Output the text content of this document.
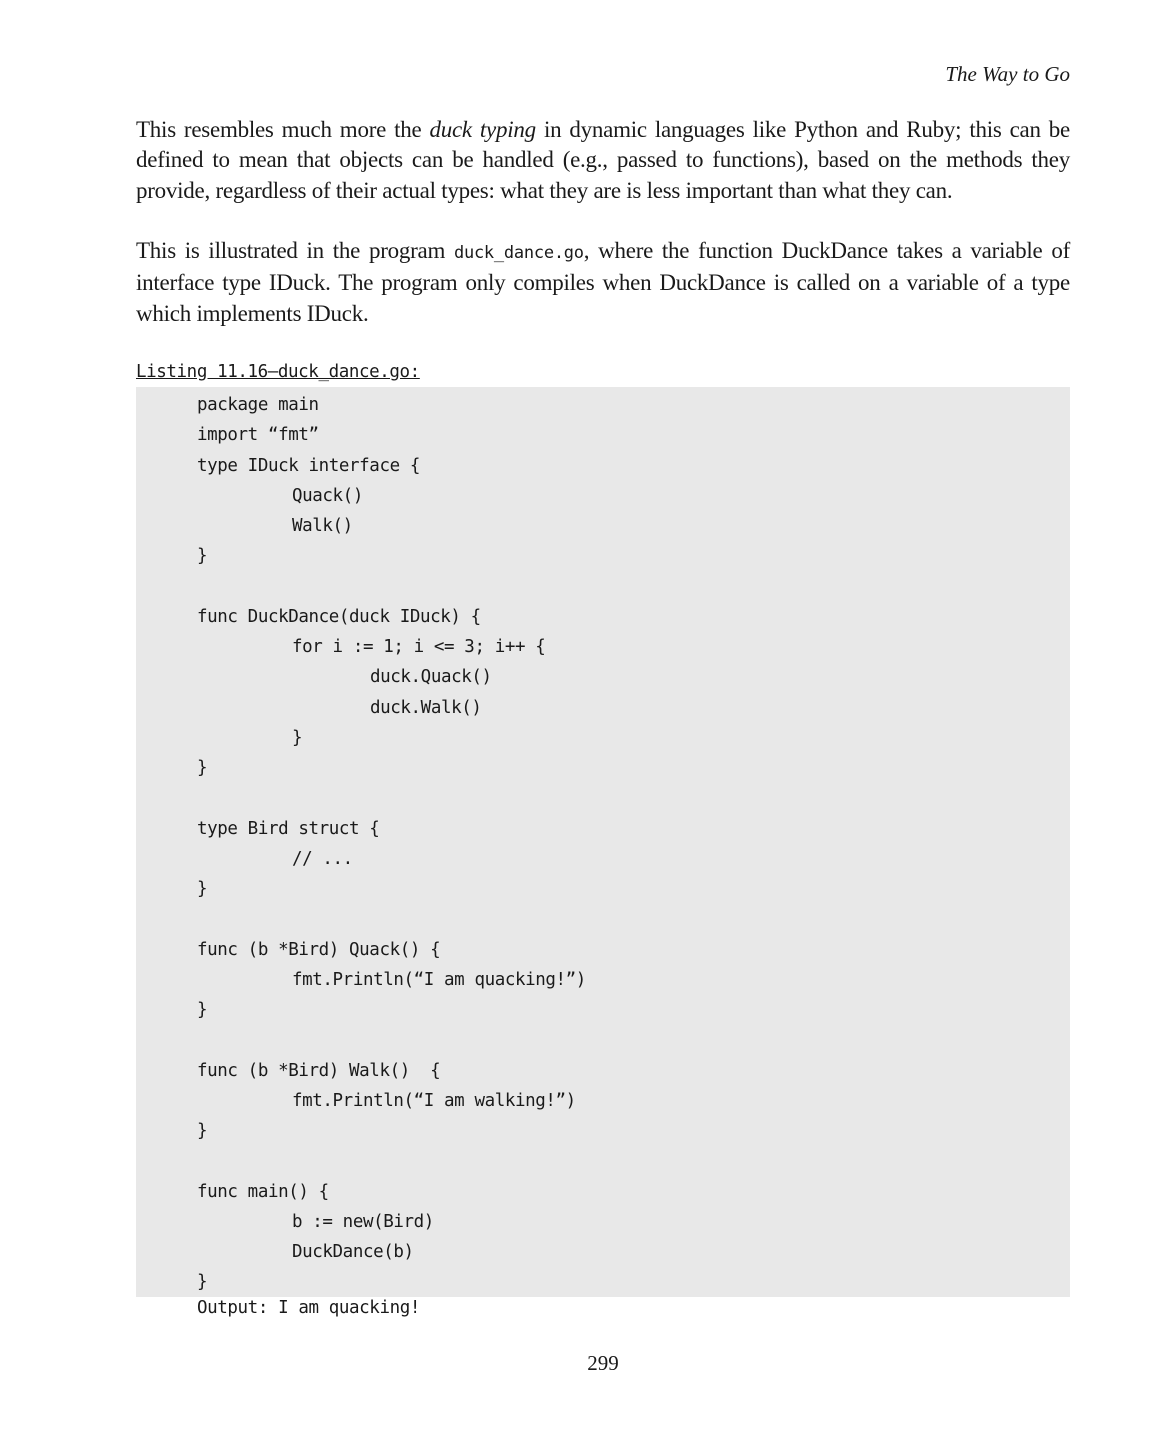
The Way to Go

This resembles much more the duck typing in dynamic languages like Python and Ruby; this can be defined to mean that objects can be handled (e.g., passed to functions), based on the methods they provide, regardless of their actual types: what they are is less important than what they can.

This is illustrated in the program duck_dance.go, where the function DuckDance takes a variable of interface type IDuck. The program only compiles when DuckDance is called on a variable of a type which implements IDuck.

Listing 11.16—duck_dance.go:
package main
import “fmt”
type IDuck interface {
Quack()
Walk()
}
func DuckDance(duck IDuck) {
for i := 1; i <= 3; i++ {
duck.Quack()
duck.Walk()
}
}
type Bird struct {
// ...
}
func (b *Bird) Quack() {
fmt.Println(“I am quacking!”)
}
func (b *Bird) Walk()  {
fmt.Println(“I am walking!”)
}
func main() {
b := new(Bird)
DuckDance(b)
}
Output: I am quacking!
299
